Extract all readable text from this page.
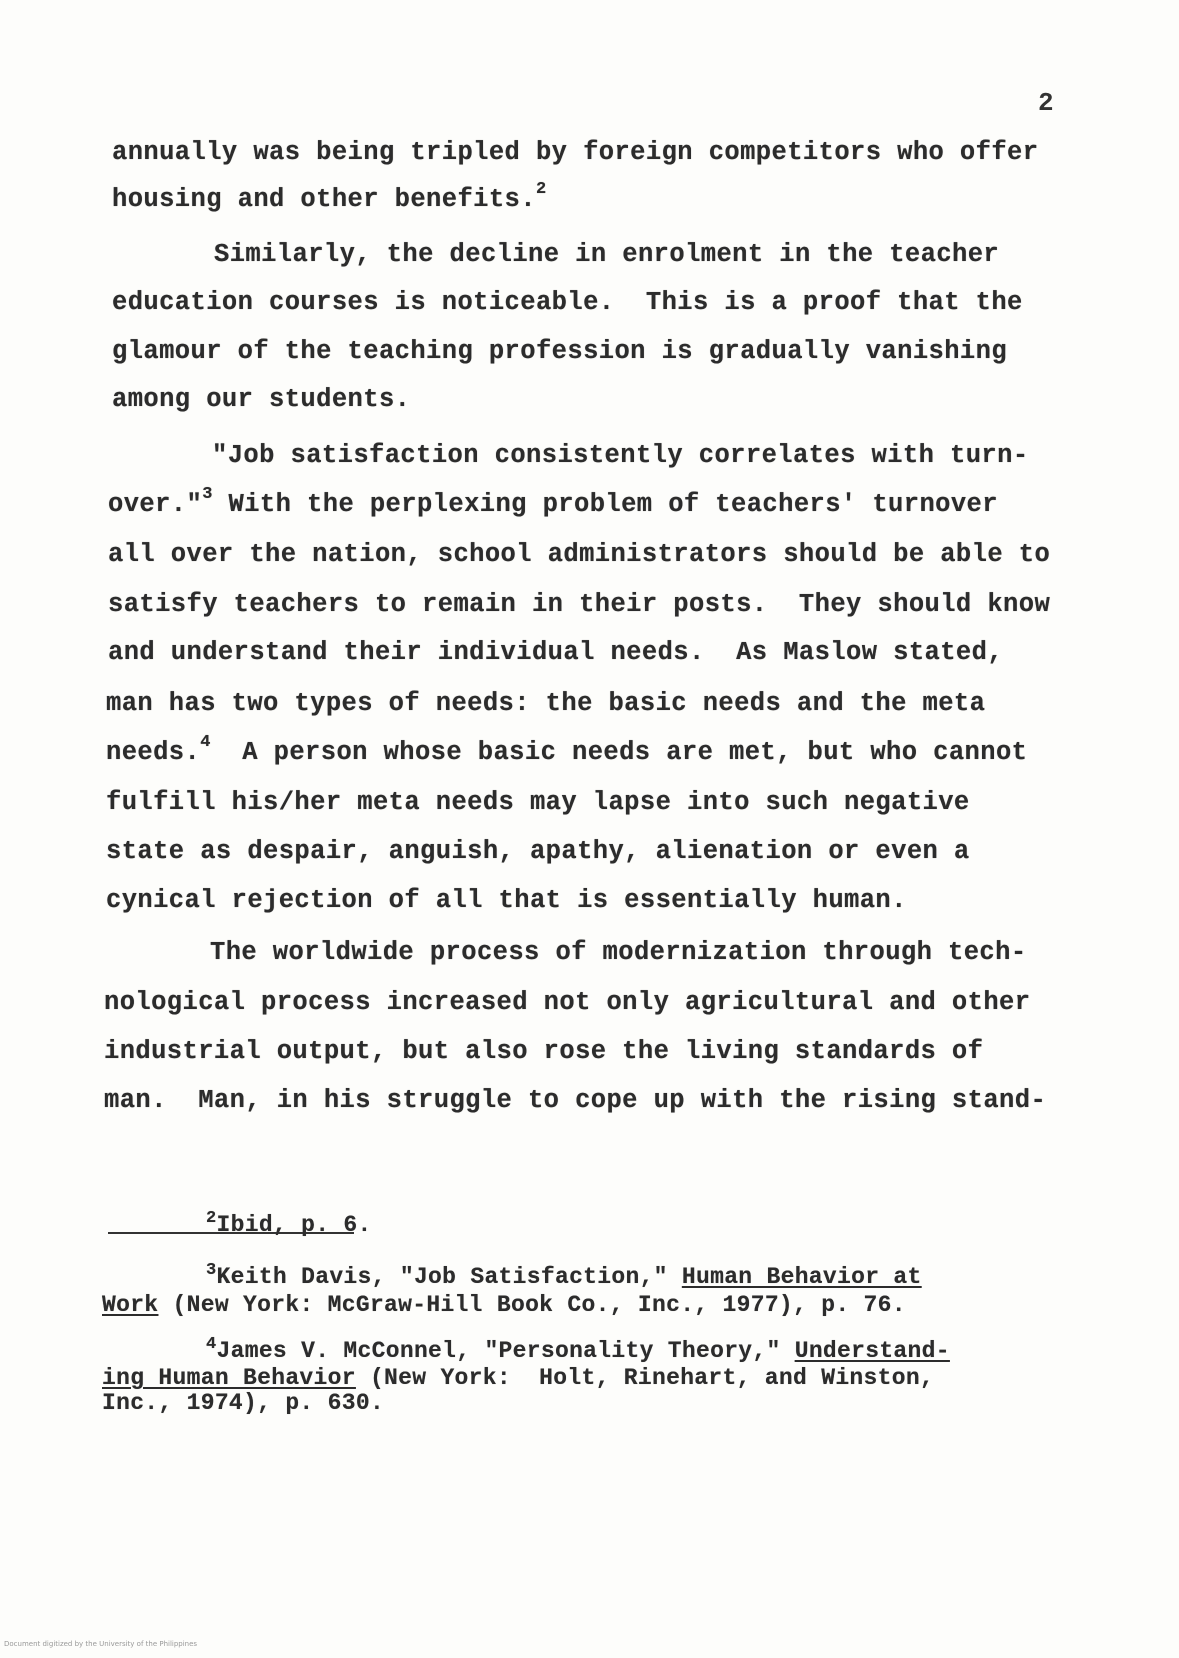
2
annually was being tripled by foreign competitors who offer
housing and other benefits.$^2$
Similarly, the decline in enrolment in the teacher
education courses is noticeable.  This is a proof that the
glamour of the teaching profession is gradually vanishing
among our students.
"Job satisfaction consistently correlates with turn-
over."$^3$ With the perplexing problem of teachers' turnover
all over the nation, school administrators should be able to
satisfy teachers to remain in their posts.  They should know
and understand their individual needs.  As Maslow stated,
man has two types of needs: the basic needs and the meta
needs.$^4$  A person whose basic needs are met, but who cannot
fulfill his/her meta needs may lapse into such negative
state as despair, anguish, apathy, alienation or even a
cynical rejection of all that is essentially human.
The worldwide process of modernization through tech-
nological process increased not only agricultural and other
industrial output, but also rose the living standards of
man.  Man, in his struggle to cope up with the rising stand-
$^2$Ibid, p. 6.
$^3$Keith Davis, "Job Satisfaction," Human Behavior at
Work (New York: McGraw-Hill Book Co., Inc., 1977), p. 76.
$^4$James V. McConnel, "Personality Theory," Understand-
ing Human Behavior (New York:  Holt, Rinehart, and Winston,
Inc., 1974), p. 630.
Document digitized by the University of the Philippines
